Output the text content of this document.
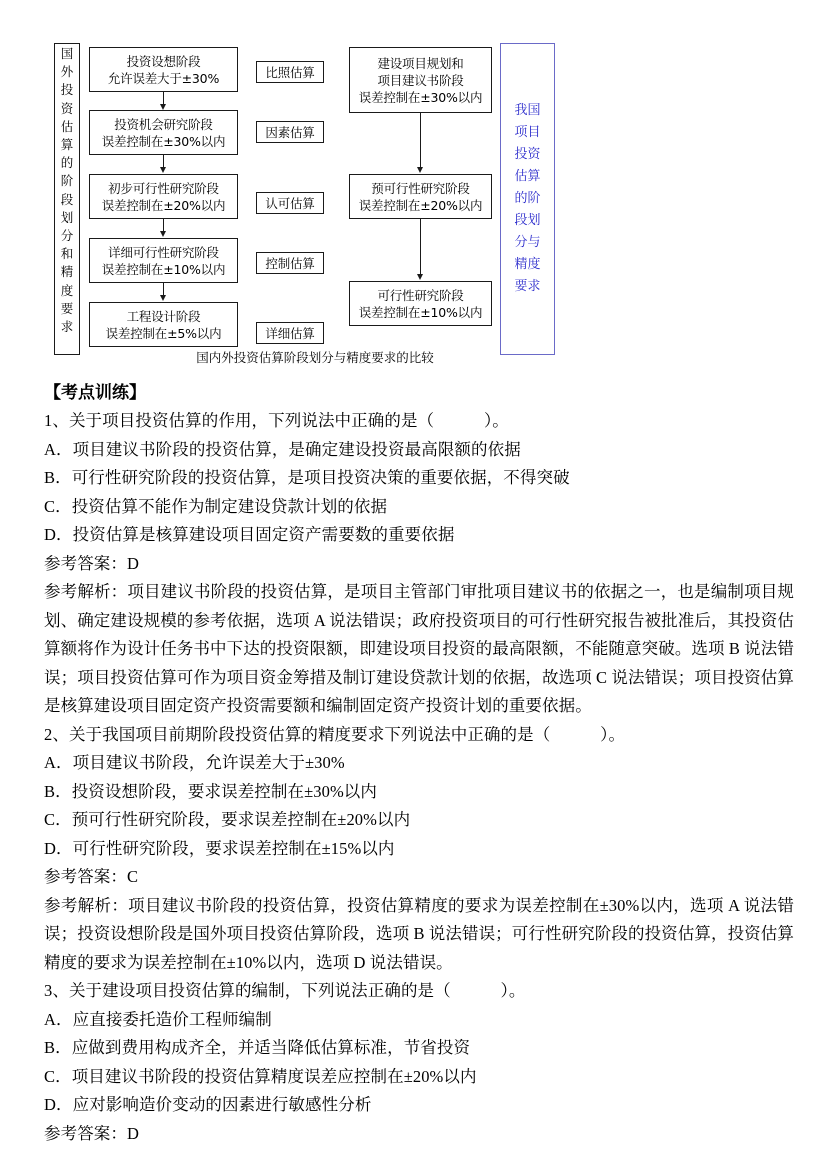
国
外
投
资
估
算
的
阶
段
划
分
和
精
度
要
求
投资设想阶段
允许误差大于±30%
投资机会研究阶段
误差控制在±30%以内
初步可行性研究阶段
误差控制在±20%以内
详细可行性研究阶段
误差控制在±10%以内
工程设计阶段
误差控制在±5%以内
比照估算
因素估算
认可估算
控制估算
详细估算
建设项目规划和
项目建议书阶段
误差控制在±30%以内
预可行性研究阶段
误差控制在±20%以内
可行性研究阶段
误差控制在±10%以内
我国
项目
投资
估算
的阶
段划
分与
精度
要求
国内外投资估算阶段划分与精度要求的比较
【考点训练】
1、关于项目投资估算的作用，下列说法中正确的是（　　　）。
A．项目建议书阶段的投资估算，是确定建设投资最高限额的依据
B．可行性研究阶段的投资估算，是项目投资决策的重要依据，不得突破
C．投资估算不能作为制定建设贷款计划的依据
D．投资估算是核算建设项目固定资产需要数的重要依据
参考答案：D
参考解析：项目建议书阶段的投资估算，是项目主管部门审批项目建议书的依据之一，也是编制项目规划、确定建设规模的参考依据，选项 A 说法错误；政府投资项目的可行性研究报告被批准后，其投资估算额将作为设计任务书中下达的投资限额，即建设项目投资的最高限额，不能随意突破。选项 B 说法错误；项目投资估算可作为项目资金筹措及制订建设贷款计划的依据，故选项 C 说法错误；项目投资估算是核算建设项目固定资产投资需要额和编制固定资产投资计划的重要依据。
2、关于我国项目前期阶段投资估算的精度要求下列说法中正确的是（　　　）。
A．项目建议书阶段，允许误差大于±30%
B．投资设想阶段，要求误差控制在±30%以内
C．预可行性研究阶段，要求误差控制在±20%以内
D．可行性研究阶段，要求误差控制在±15%以内
参考答案：C
参考解析：项目建议书阶段的投资估算，投资估算精度的要求为误差控制在±30%以内，选项 A 说法错误；投资设想阶段是国外项目投资估算阶段，选项 B 说法错误；可行性研究阶段的投资估算，投资估算精度的要求为误差控制在±10%以内，选项 D 说法错误。
3、关于建设项目投资估算的编制，下列说法正确的是（　　　）。
A．应直接委托造价工程师编制
B．应做到费用构成齐全，并适当降低估算标准，节省投资
C．项目建议书阶段的投资估算精度误差应控制在±20%以内
D．应对影响造价变动的因素进行敏感性分析
参考答案：D
